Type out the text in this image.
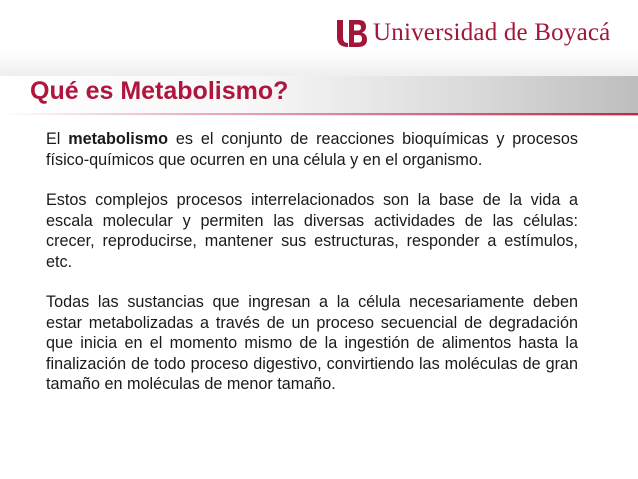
Universidad de Boyacá
Qué es Metabolismo?

El metabolismo es el conjunto de reacciones bioquímicas y procesos físico-químicos que ocurren en una célula y en el organismo.

Estos complejos procesos interrelacionados son la base de la vida a escala molecular y permiten las diversas actividades de las células: crecer, reproducirse, mantener sus estructuras, responder a estímulos, etc.

Todas las sustancias que ingresan a la célula necesariamente deben estar metabolizadas a través de un proceso secuencial de degradación que inicia en el momento mismo de la ingestión de alimentos hasta la finalización de todo proceso digestivo, convirtiendo las moléculas de gran tamaño en moléculas de menor tamaño.
